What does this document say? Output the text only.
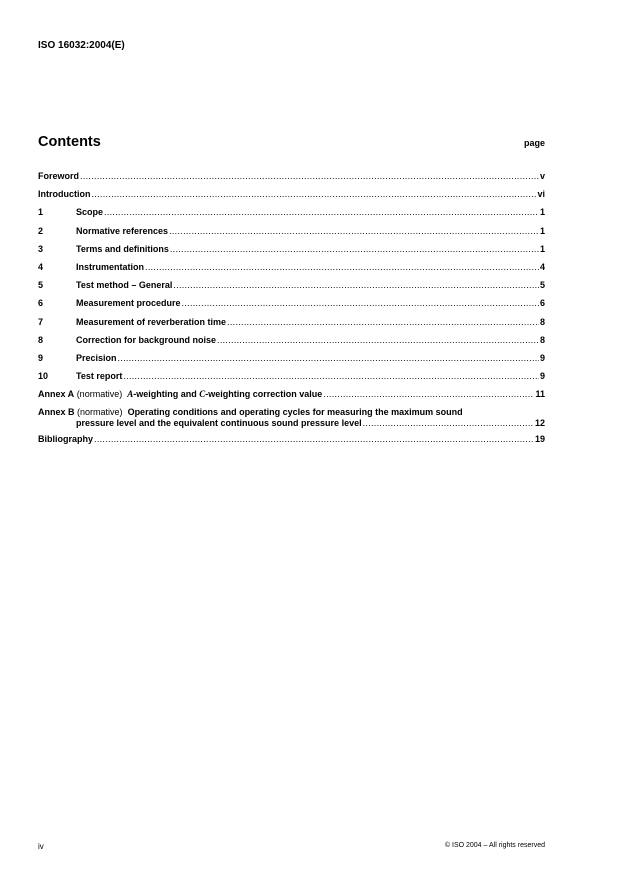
ISO 16032:2004(E)
Contents	page
Foreword .....	v
Introduction .....	vi
1	Scope .....	1
2	Normative references .....	1
3	Terms and definitions .....	1
4	Instrumentation .....	4
5	Test method – General .....	5
6	Measurement procedure .....	6
7	Measurement of reverberation time .....	8
8	Correction for background noise .....	8
9	Precision .....	9
10	Test report .....	9
Annex A (normative) A-weighting and C-weighting correction value .....	11
Annex B (normative) Operating conditions and operating cycles for measuring the maximum sound
pressure level and the equivalent continuous sound pressure level .....	12
Bibliography .....	19
iv	© ISO 2004 – All rights reserved
